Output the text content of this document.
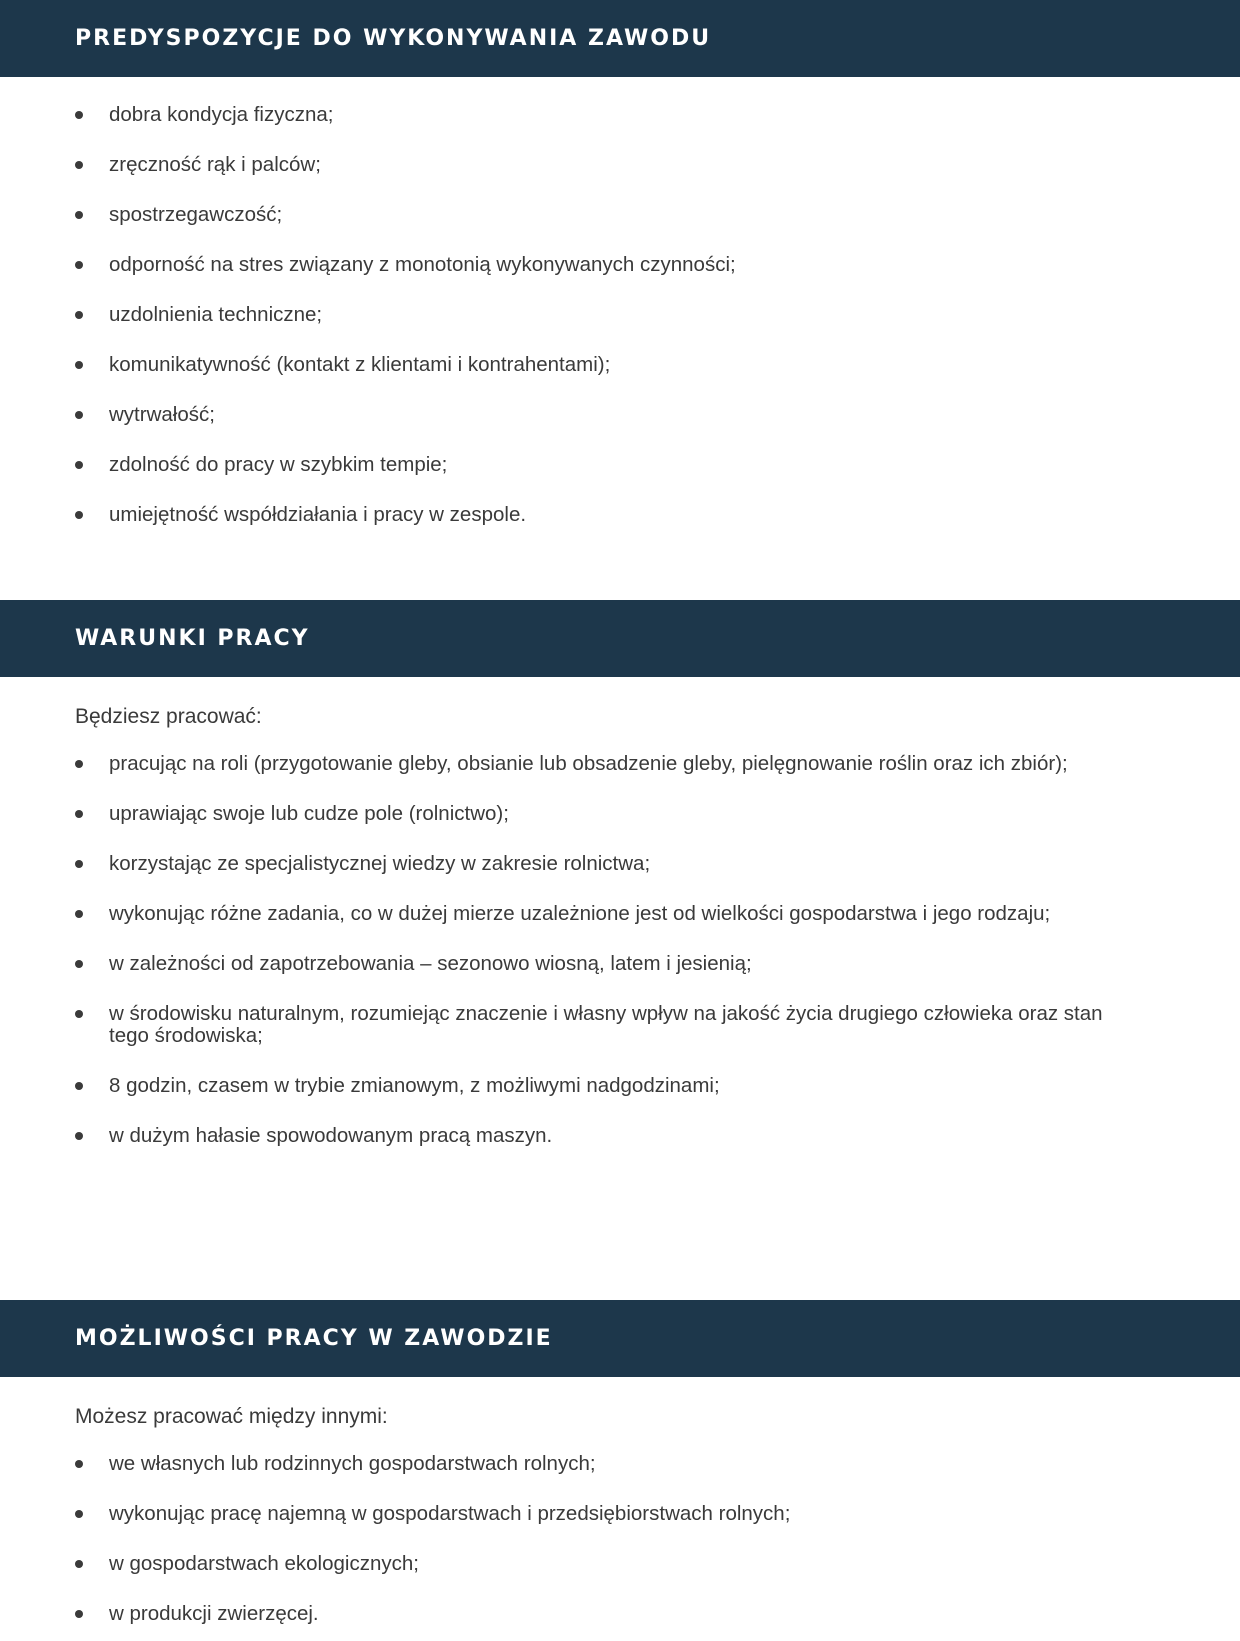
PREDYSPOZYCJE DO WYKONYWANIA ZAWODU
dobra kondycja fizyczna;
zręczność rąk i palców;
spostrzegawczość;
odporność na stres związany z monotonią wykonywanych czynności;
uzdolnienia techniczne;
komunikatywność (kontakt z klientami i kontrahentami);
wytrwałość;
zdolność do pracy w szybkim tempie;
umiejętność współdziałania i pracy w zespole.
WARUNKI PRACY

Będziesz pracować:

pracując na roli (przygotowanie gleby, obsianie lub obsadzenie gleby, pielęgnowanie roślin oraz ich zbiór);
uprawiając swoje lub cudze pole (rolnictwo);
korzystając ze specjalistycznej wiedzy w zakresie rolnictwa;
wykonując różne zadania, co w dużej mierze uzależnione jest od wielkości gospodarstwa i jego rodzaju;
w zależności od zapotrzebowania – sezonowo wiosną, latem i jesienią;
w środowisku naturalnym, rozumiejąc znaczenie i własny wpływ na jakość życia drugiego człowieka oraz stan tego środowiska;
8 godzin, czasem w trybie zmianowym, z możliwymi nadgodzinami;
w dużym hałasie spowodowanym pracą maszyn.
MOŻLIWOŚCI PRACY W ZAWODZIE

Możesz pracować między innymi:

we własnych lub rodzinnych gospodarstwach rolnych;
wykonując pracę najemną w gospodarstwach i przedsiębiorstwach rolnych;
w gospodarstwach ekologicznych;
w produkcji zwierzęcej.
